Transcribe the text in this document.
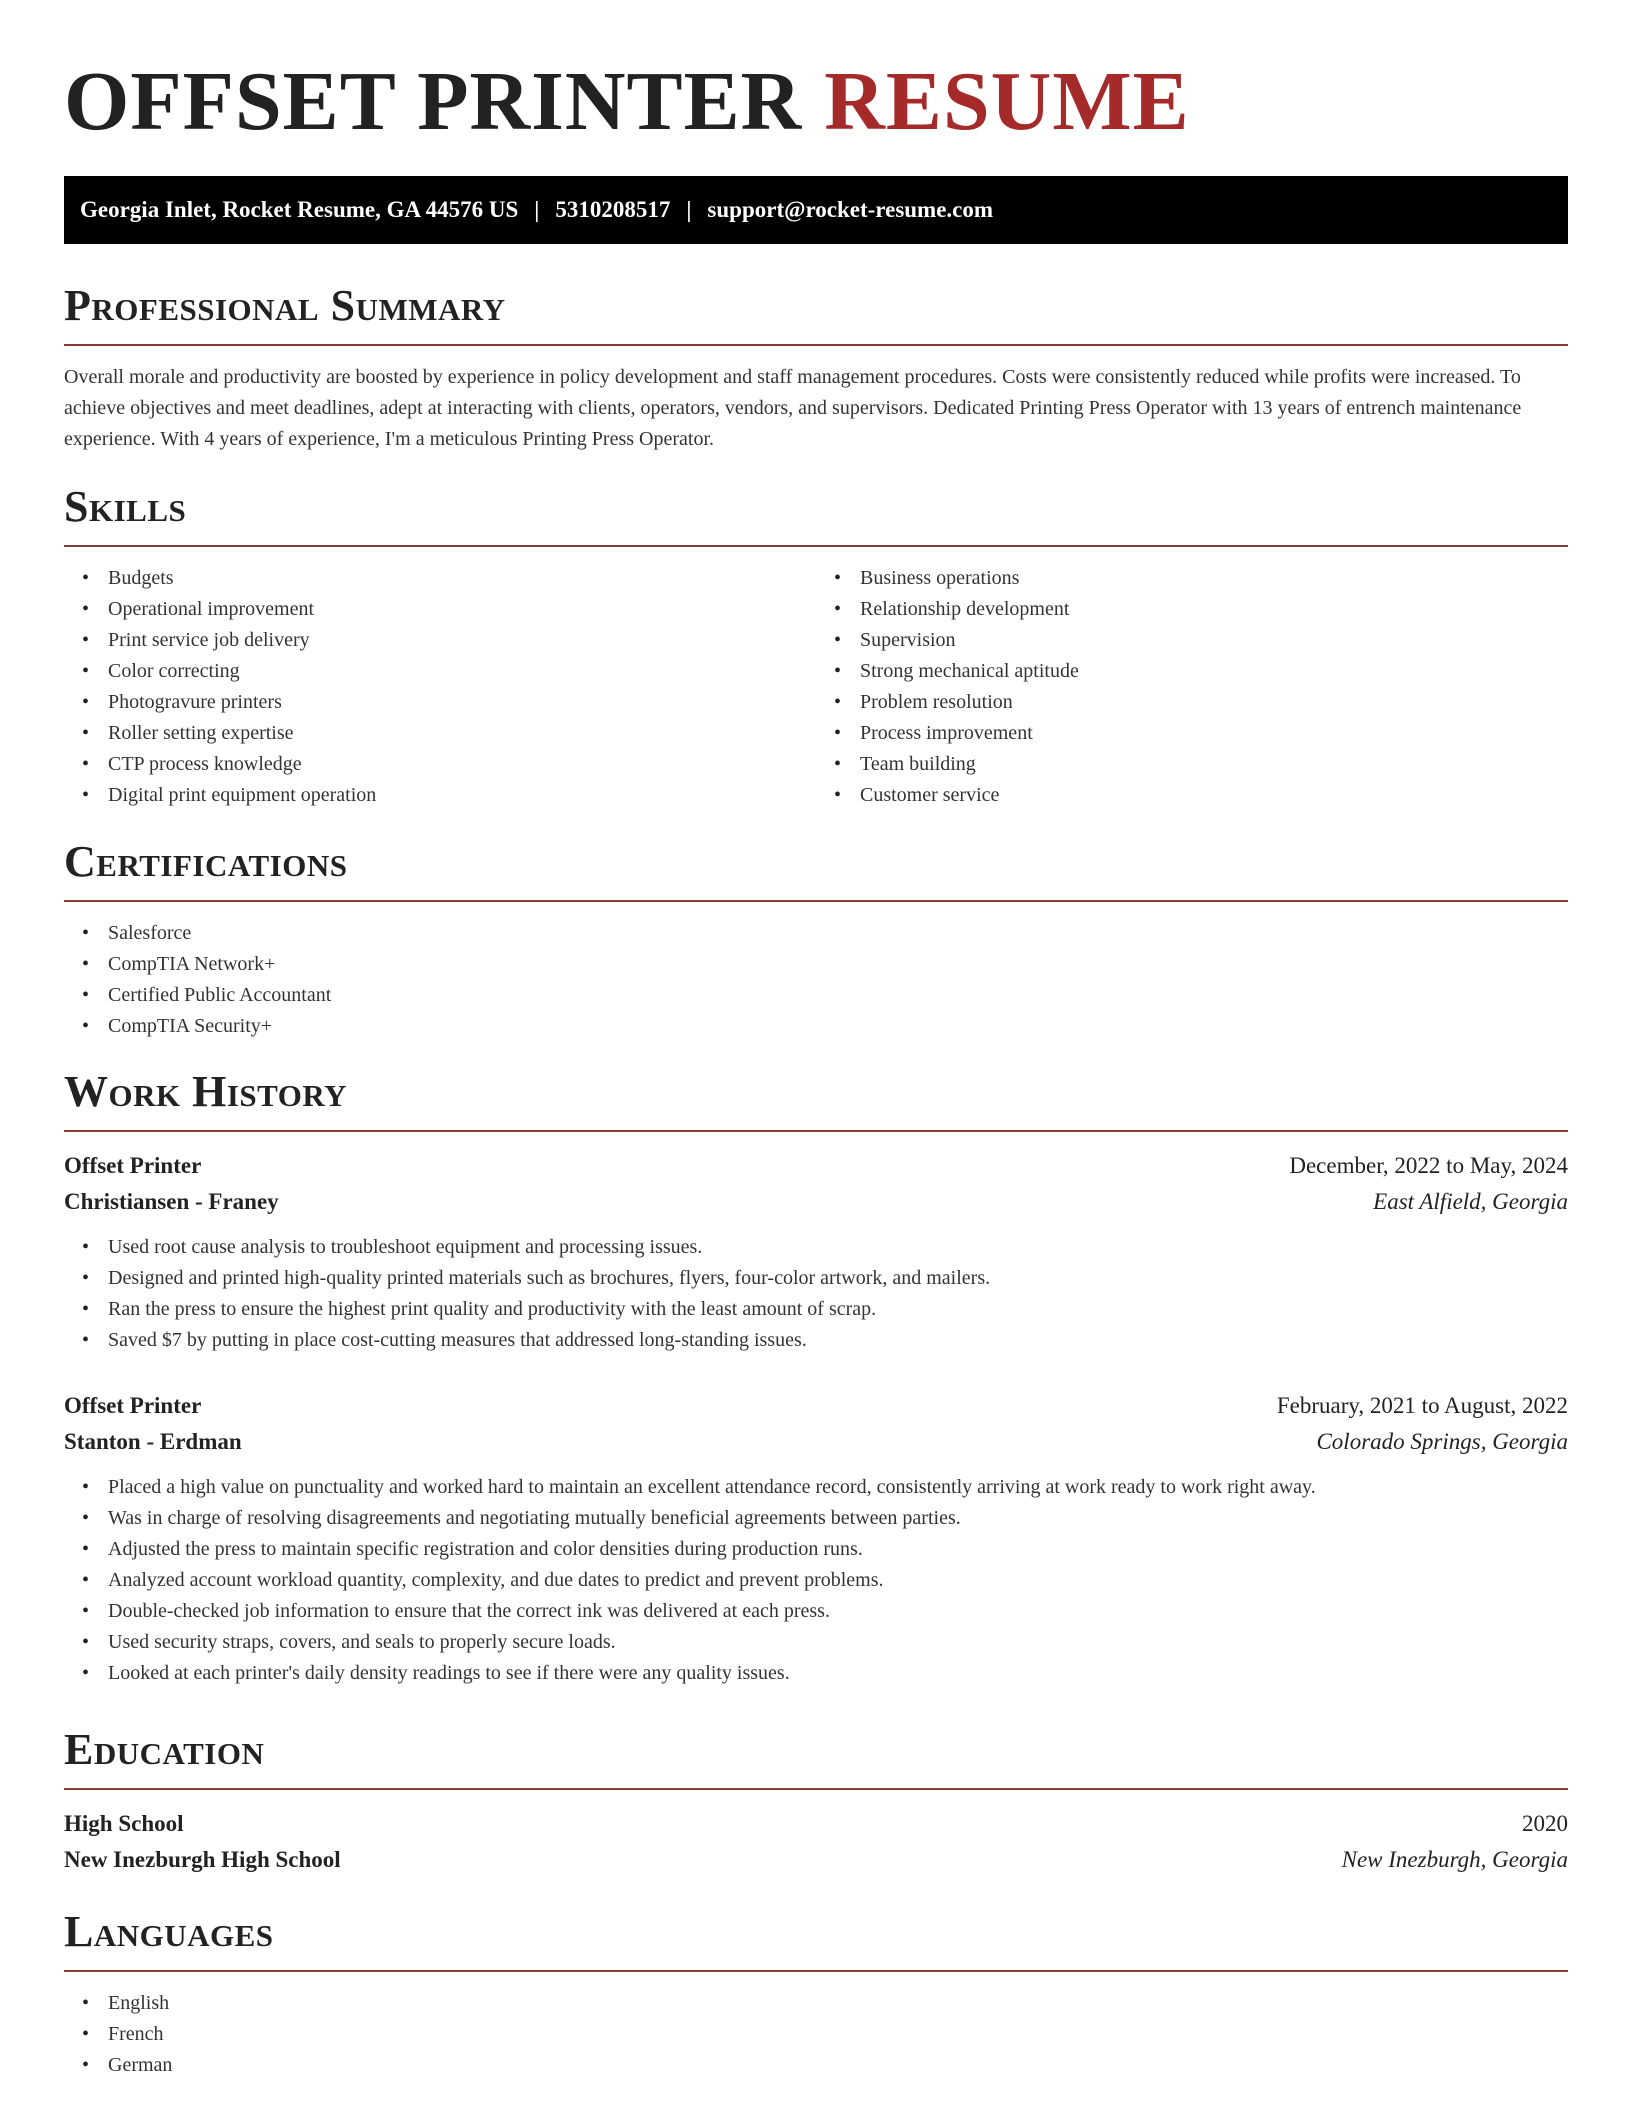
OFFSET PRINTER RESUME
Georgia Inlet, Rocket Resume, GA 44576 US | 5310208517 | support@rocket-resume.com
Professional Summary

Overall morale and productivity are boosted by experience in policy development and staff management procedures. Costs were consistently reduced while profits were increased. To achieve objectives and meet deadlines, adept at interacting with clients, operators, vendors, and supervisors. Dedicated Printing Press Operator with 13 years of entrench maintenance experience. With 4 years of experience, I'm a meticulous Printing Press Operator.

Skills
• Budgets
• Operational improvement
• Print service job delivery
• Color correcting
• Photogravure printers
• Roller setting expertise
• CTP process knowledge
• Digital print equipment operation
• Business operations
• Relationship development
• Supervision
• Strong mechanical aptitude
• Problem resolution
• Process improvement
• Team building
• Customer service
Certifications
• Salesforce
• CompTIA Network+
• Certified Public Accountant
• CompTIA Security+
Work History
Offset Printer	December, 2022 to May, 2024
Christiansen - Franey	East Alfield, Georgia
• Used root cause analysis to troubleshoot equipment and processing issues.
• Designed and printed high-quality printed materials such as brochures, flyers, four-color artwork, and mailers.
• Ran the press to ensure the highest print quality and productivity with the least amount of scrap.
• Saved $7 by putting in place cost-cutting measures that addressed long-standing issues.
Offset Printer	February, 2021 to August, 2022
Stanton - Erdman	Colorado Springs, Georgia
• Placed a high value on punctuality and worked hard to maintain an excellent attendance record, consistently arriving at work ready to work right away.
• Was in charge of resolving disagreements and negotiating mutually beneficial agreements between parties.
• Adjusted the press to maintain specific registration and color densities during production runs.
• Analyzed account workload quantity, complexity, and due dates to predict and prevent problems.
• Double-checked job information to ensure that the correct ink was delivered at each press.
• Used security straps, covers, and seals to properly secure loads.
• Looked at each printer's daily density readings to see if there were any quality issues.
Education
High School	2020
New Inezburgh High School	New Inezburgh, Georgia
Languages
• English
• French
• German
